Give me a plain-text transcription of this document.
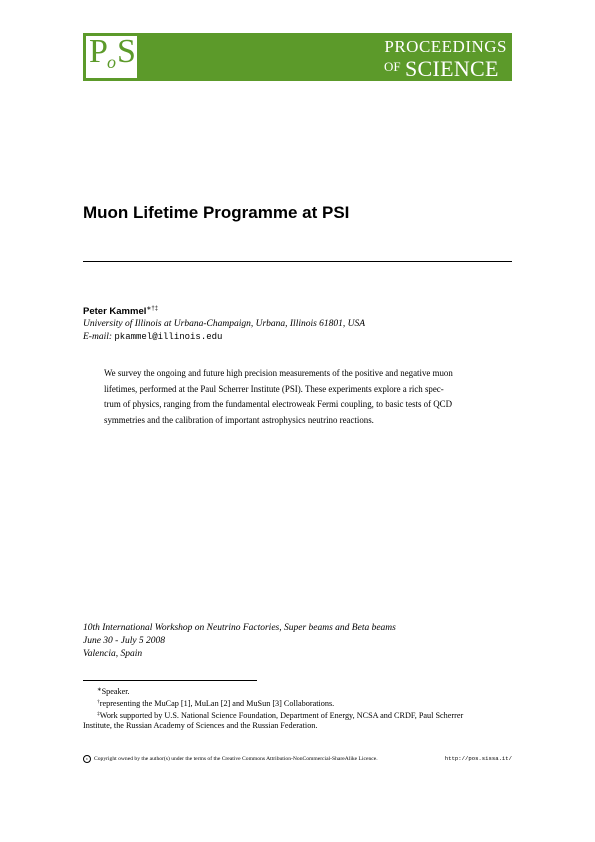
P o S	PROCEEDINGS
OF SCIENCE
Muon Lifetime Programme at PSI
Peter Kammel∗†‡
University of Illinois at Urbana-Champaign, Urbana, Illinois 61801, USA
E-mail: pkammel@illinois.edu
We survey the ongoing and future high precision measurements of the positive and negative muon
lifetimes, performed at the Paul Scherrer Institute (PSI). These experiments explore a rich spec-
trum of physics, ranging from the fundamental electroweak Fermi coupling, to basic tests of QCD
symmetries and the calibration of important astrophysics neutrino reactions.
10th International Workshop on Neutrino Factories, Super beams and Beta beams
June 30 - July 5 2008
Valencia, Spain
∗Speaker.
†representing the MuCap [1], MuLan [2] and MuSun [3] Collaborations.
‡Work supported by U.S. National Science Foundation, Department of Energy, NCSA and CRDF, Paul Scherrer
Institute, the Russian Academy of Sciences and the Russian Federation.
c	Copyright owned by the author(s) under the terms of the Creative Commons Attribution-NonCommercial-ShareAlike Licence.	http://pos.sissa.it/
